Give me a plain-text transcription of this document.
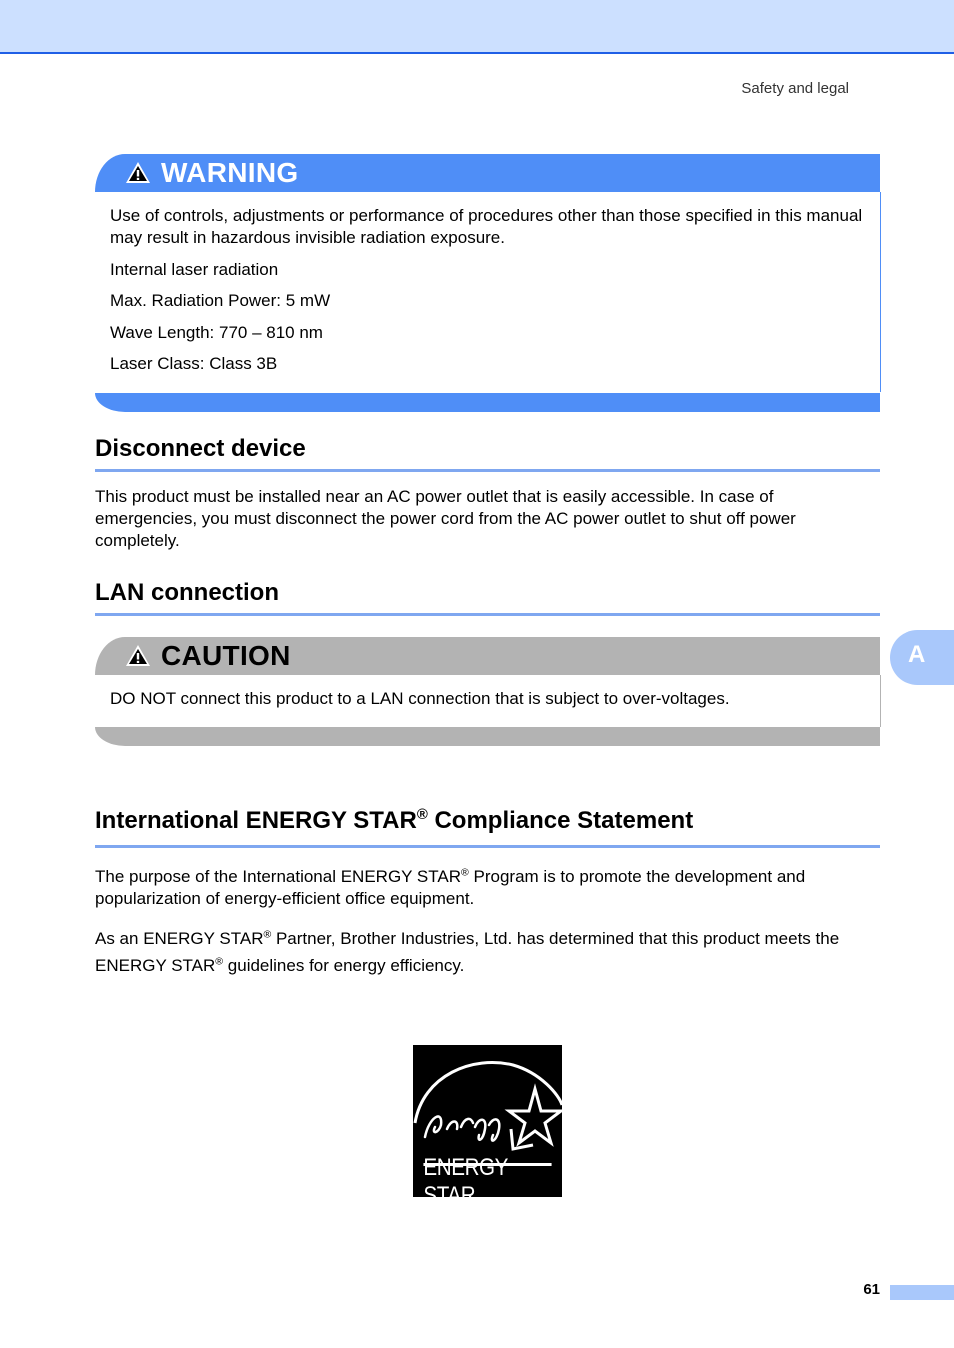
Safety and legal
WARNING
Use of controls, adjustments or performance of procedures other than those specified in this manual may result in hazardous invisible radiation exposure.
Internal laser radiation
Max. Radiation Power: 5 mW
Wave Length: 770 – 810 nm
Laser Class: Class 3B
Disconnect device
This product must be installed near an AC power outlet that is easily accessible. In case of emergencies, you must disconnect the power cord from the AC power outlet to shut off power completely.
LAN connection
CAUTION
DO NOT connect this product to a LAN connection that is subject to over-voltages.
A
International ENERGY STAR® Compliance Statement
The purpose of the International ENERGY STAR® Program is to promote the development and popularization of energy-efficient office equipment.
As an ENERGY STAR® Partner, Brother Industries, Ltd. has determined that this product meets the ENERGY STAR® guidelines for energy efficiency.
ENERGY STAR
61
